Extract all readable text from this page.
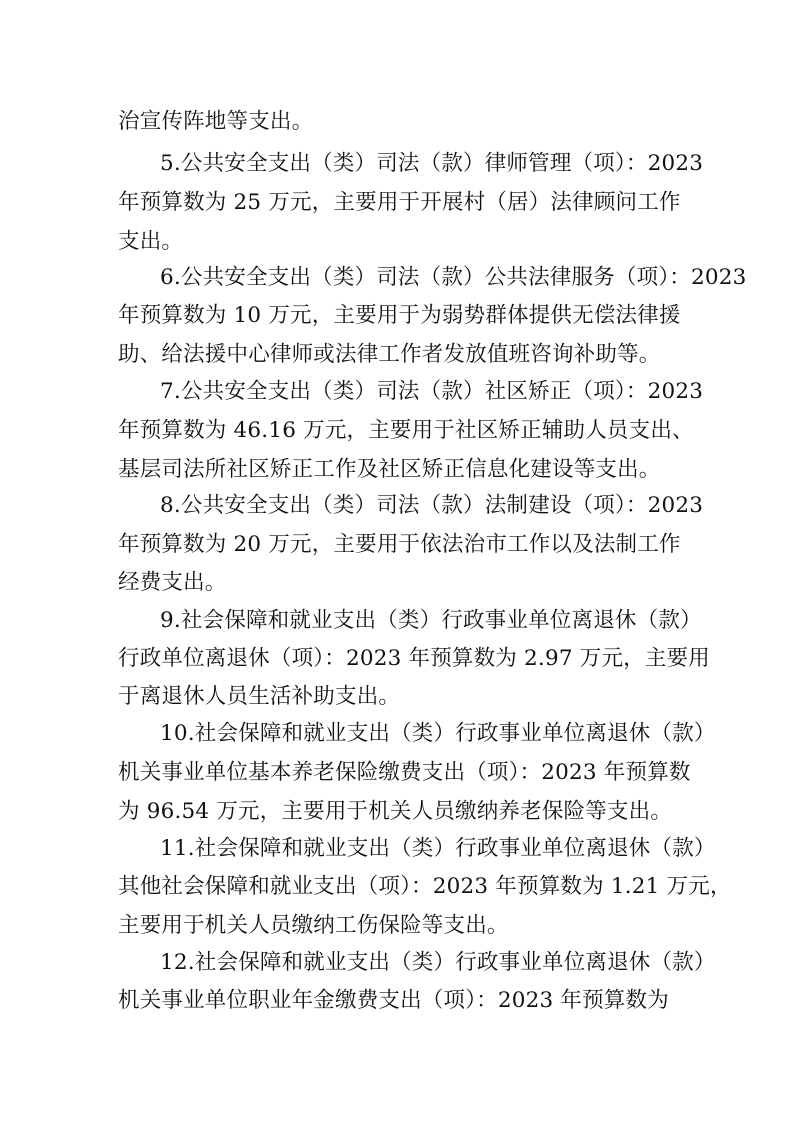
治宣传阵地等支出。
5.公共安全支出（类）司法（款）律师管理（项）：2023
年预算数为 25 万元，主要用于开展村（居）法律顾问工作
支出。
6.公共安全支出（类）司法（款）公共法律服务（项）：2023
年预算数为 10 万元，主要用于为弱势群体提供无偿法律援
助、给法援中心律师或法律工作者发放值班咨询补助等。
7.公共安全支出（类）司法（款）社区矫正（项）：2023
年预算数为 46.16 万元，主要用于社区矫正辅助人员支出、
基层司法所社区矫正工作及社区矫正信息化建设等支出。
8.公共安全支出（类）司法（款）法制建设（项）：2023
年预算数为 20 万元，主要用于依法治市工作以及法制工作
经费支出。
9.社会保障和就业支出（类）行政事业单位离退休（款）
行政单位离退休（项）：2023 年预算数为 2.97 万元，主要用
于离退休人员生活补助支出。
10.社会保障和就业支出（类）行政事业单位离退休（款）
机关事业单位基本养老保险缴费支出（项）：2023 年预算数
为 96.54 万元，主要用于机关人员缴纳养老保险等支出。
11.社会保障和就业支出（类）行政事业单位离退休（款）
其他社会保障和就业支出（项）：2023 年预算数为 1.21 万元，
主要用于机关人员缴纳工伤保险等支出。
12.社会保障和就业支出（类）行政事业单位离退休（款）
机关事业单位职业年金缴费支出（项）：2023 年预算数为
